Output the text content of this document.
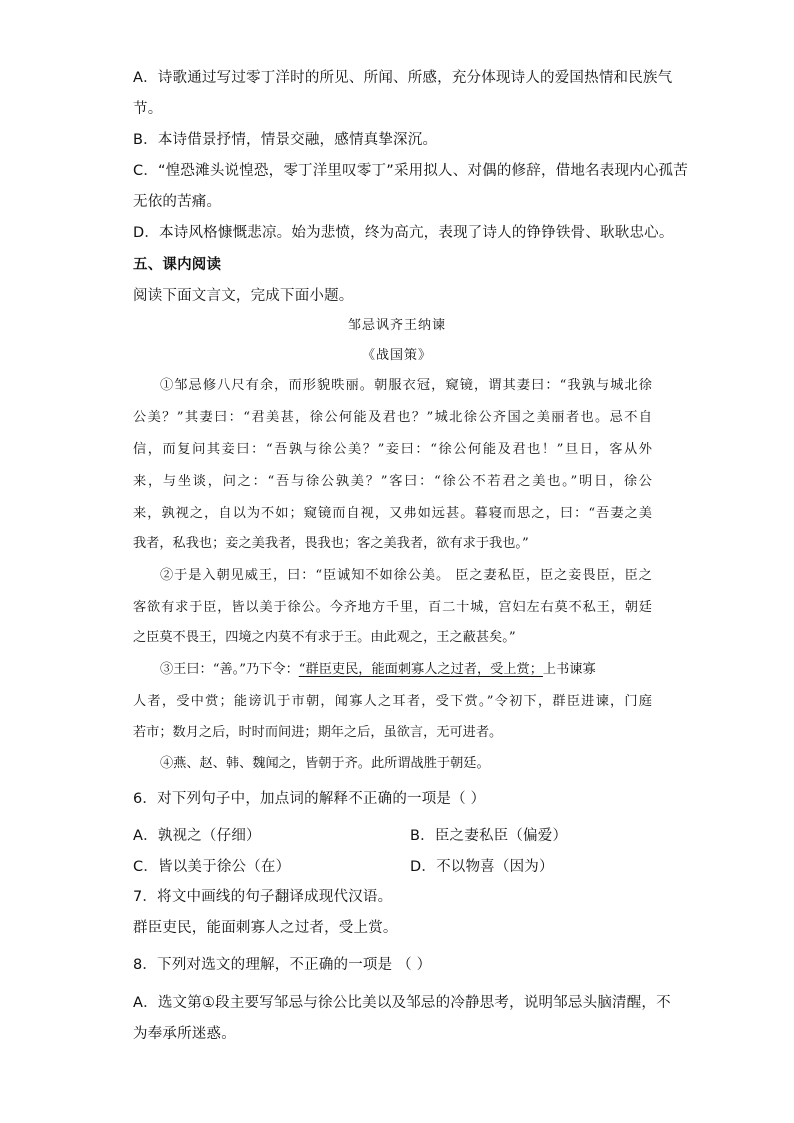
A．诗歌通过写过零丁洋时的所见、所闻、所感，充分体现诗人的爱国热情和民族气
节。
B．本诗借景抒情，情景交融，感情真挚深沉。
C．“惶恐滩头说惶恐，零丁洋里叹零丁”采用拟人、对偶的修辞，借地名表现内心孤苦
无依的苦痛。
D．本诗风格慷慨悲凉。始为悲愤，终为高亢，表现了诗人的铮铮铁骨、耿耿忠心。
五、课内阅读
阅读下面文言文，完成下面小题。
邹忌讽齐王纳谏
《战国策》
①邹忌修八尺有余，而形貌昳丽。朝服衣冠，窥镜，谓其妻曰：“我孰与城北徐
公美？”其妻曰：“君美甚，徐公何能及君也？”城北徐公齐国之美丽者也。忌不自
信，而复问其妾曰：“吾孰与徐公美？”妾曰：“徐公何能及君也！”旦日，客从外
来，与坐谈，问之：“吾与徐公孰美？”客曰：“徐公不若君之美也。”明日，徐公
来，孰视之，自以为不如；窥镜而自视，又弗如远甚。暮寝而思之，曰：“吾妻之美
我者，私我也；妾之美我者，畏我也；客之美我者，欲有求于我也。”
②于是入朝见威王，曰：“臣诚知不如徐公美。 臣之妻私臣，臣之妾畏臣，臣之
客欲有求于臣，皆以美于徐公。今齐地方千里，百二十城，宫妇左右莫不私王，朝廷
之臣莫不畏王，四境之内莫不有求于王。由此观之，王之蔽甚矣。”
③王曰：“善。”乃下令：“群臣吏民，能面刺寡人之过者，受上赏；上书谏寡
人者，受中赏；能谤讥于市朝，闻寡人之耳者，受下赏。”令初下，群臣进谏，门庭
若市；数月之后，时时而间进；期年之后，虽欲言，无可进者。
④燕、赵、韩、魏闻之，皆朝于齐。此所谓战胜于朝廷。
6．对下列句子中，加点词的解释不正确的一项是（ ）
A．孰视之（仔细）	B．臣之妻私臣（偏爱）
C．皆以美于徐公（在）	D．不以物喜（因为）
7．将文中画线的句子翻译成现代汉语。
群臣吏民，能面刺寡人之过者，受上赏。
8．下列对选文的理解，不正确的一项是 （ ）
A．选文第①段主要写邹忌与徐公比美以及邹忌的冷静思考，说明邹忌头脑清醒，不
为奉承所迷惑。
